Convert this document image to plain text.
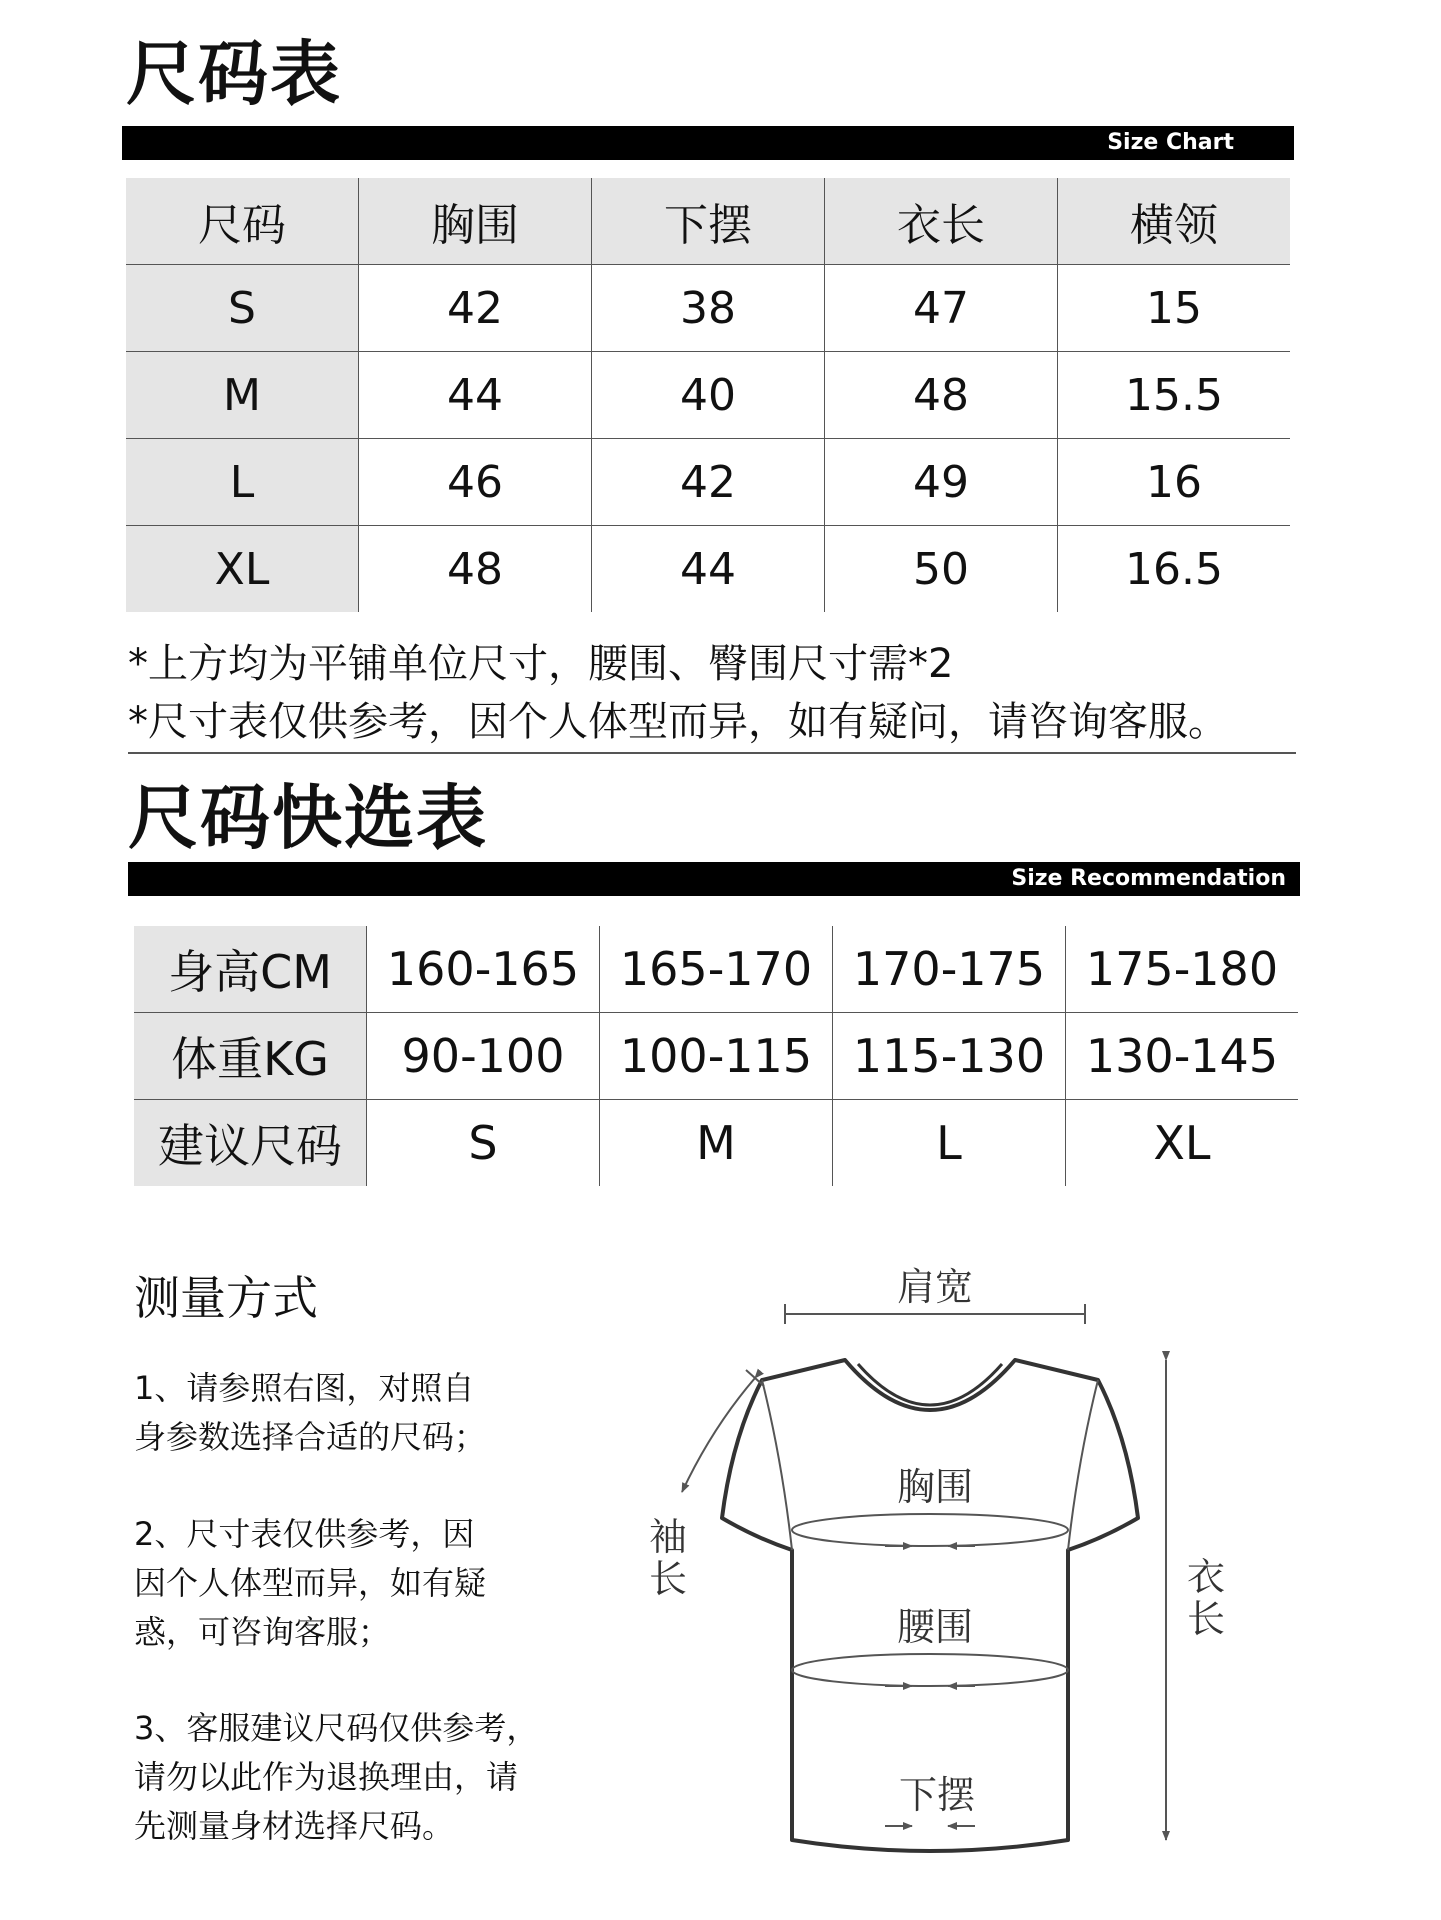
尺码表
Size Chart
尺码	胸围	下摆	衣长	横领
S	42	38	47	15
M	44	40	48	15.5
L	46	42	49	16
XL	48	44	50	16.5
*上方均为平铺单位尺寸，腰围、臀围尺寸需*2
*尺寸表仅供参考，因个人体型而异，如有疑问，请咨询客服。
尺码快选表
Size Recommendation
身高CM	160-165	165-170	170-175	175-180
体重KG	90-100	100-115	115-130	130-145
建议尺码	S	M	L	XL
测量方式
1、请参照右图，对照自
身参数选择合适的尺码；
2、尺寸表仅供参考，因
因个人体型而异，如有疑
惑，可咨询客服；
3、客服建议尺码仅供参考，
请勿以此作为退换理由，请
先测量身材选择尺码。
肩宽
袖
长	衣
长
胸围
腰围
下摆
